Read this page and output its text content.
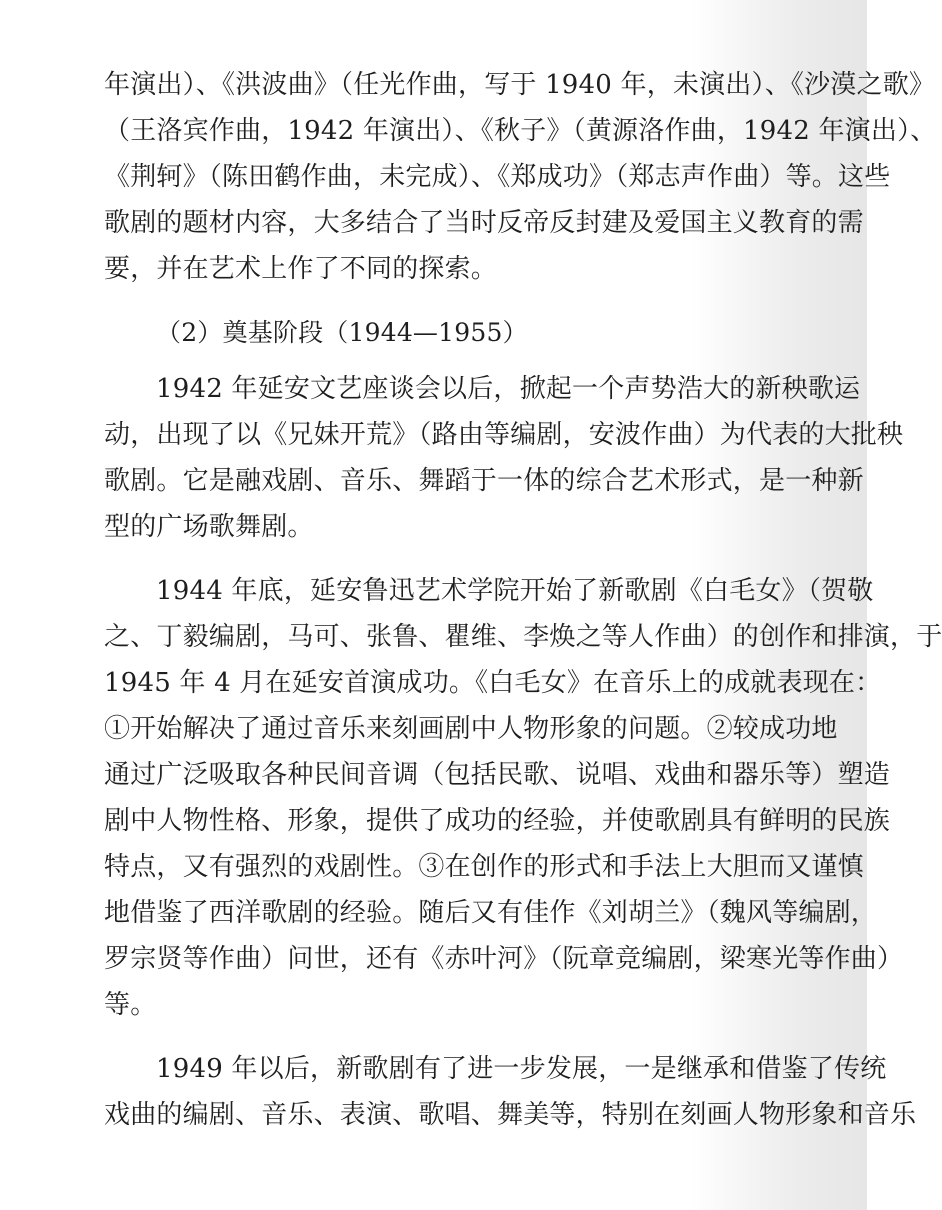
年演出）、《洪波曲》（任光作曲，写于 1940 年，未演出）、《沙漠之歌》
（王洛宾作曲，1942 年演出）、《秋子》（黄源洛作曲，1942 年演出）、
《荆轲》（陈田鹤作曲，未完成）、《郑成功》（郑志声作曲）等。这些
歌剧的题材内容，大多结合了当时反帝反封建及爱国主义教育的需
要，并在艺术上作了不同的探索。
（2）奠基阶段（1944—1955）
1942 年延安文艺座谈会以后，掀起一个声势浩大的新秧歌运
动，出现了以《兄妹开荒》（路由等编剧，安波作曲）为代表的大批秧
歌剧。它是融戏剧、音乐、舞蹈于一体的综合艺术形式，是一种新
型的广场歌舞剧。
1944 年底，延安鲁迅艺术学院开始了新歌剧《白毛女》（贺敬
之、丁毅编剧，马可、张鲁、瞿维、李焕之等人作曲）的创作和排演，于
1945 年 4 月在延安首演成功。《白毛女》在音乐上的成就表现在：
①开始解决了通过音乐来刻画剧中人物形象的问题。②较成功地
通过广泛吸取各种民间音调（包括民歌、说唱、戏曲和器乐等）塑造
剧中人物性格、形象，提供了成功的经验，并使歌剧具有鲜明的民族
特点，又有强烈的戏剧性。③在创作的形式和手法上大胆而又谨慎
地借鉴了西洋歌剧的经验。随后又有佳作《刘胡兰》（魏风等编剧，
罗宗贤等作曲）问世，还有《赤叶河》（阮章竞编剧，梁寒光等作曲）
等。
1949 年以后，新歌剧有了进一步发展，一是继承和借鉴了传统
戏曲的编剧、音乐、表演、歌唱、舞美等，特别在刻画人物形象和音乐
